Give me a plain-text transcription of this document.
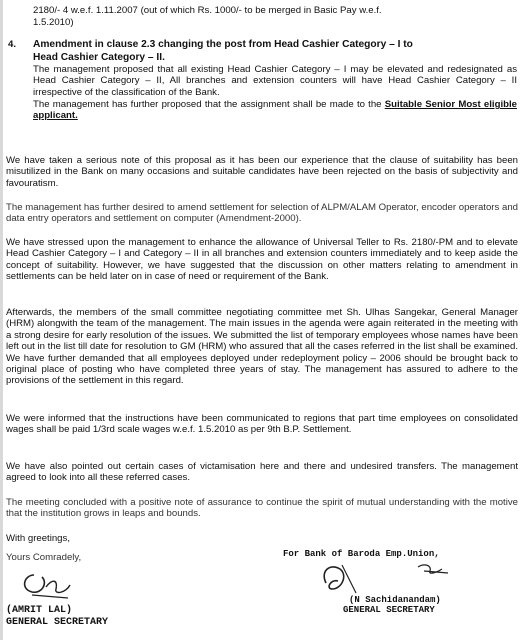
2180/- 4 w.e.f. 1.11.2007 (out of which Rs. 1000/- to be merged in Basic Pay w.e.f.
1.5.2010)
4. Amendment in clause 2.3 changing the post from Head Cashier Category – I to
Head Cashier Category – II.
The management proposed that all existing Head Cashier Category – I may be elevated and redesignated as Head Cashier Category – II, All branches and extension counters will have Head Cashier Category – II irrespective of the classification of the Bank.
The management has further proposed that the assignment shall be made to the Suitable Senior Most eligible applicant.
We have taken a serious note of this proposal as it has been our experience that the clause of suitability has been misutilized in the Bank on many occasions and suitable candidates have been rejected on the basis of subjectivity and favouratism.
The management has further desired to amend settlement for selection of ALPM/ALAM Operator, encoder operators and data entry operators and settlement on computer (Amendment-2000).
We have stressed upon the management to enhance the allowance of Universal Teller to Rs. 2180/-PM and to elevate Head Cashier Category – I and Category – II in all branches and extension counters immediately and to keep aside the concept of suitability. However, we have suggested that the discussion on other matters relating to amendment in settlements can be held later on in case of need or requirement of the Bank.
Afterwards, the members of the small committee negotiating committee met Sh. Ulhas Sangekar, General Manager (HRM) alongwith the team of the management. The main issues in the agenda were again reiterated in the meeting with a strong desire for early resolution of the issues. We submitted the list of temporary employees whose names have been left out in the list till date for resolution to GM (HRM) who assured that all the cases referred in the list shall be examined. We have further demanded that all employees deployed under redeployment policy – 2006 should be brought back to original place of posting who have completed three years of stay. The management has assured to adhere to the provisions of the settlement in this regard.
We were informed that the instructions have been communicated to regions that part time employees on consolidated wages shall be paid 1/3rd scale wages w.e.f. 1.5.2010 as per 9th B.P. Settlement.
We have also pointed out certain cases of victamisation here and there and undesired transfers. The management agreed to look into all these referred cases.
The meeting concluded with a positive note of assurance to continue the spirit of mutual understanding with the motive that the institution grows in leaps and bounds.
With greetings,
Yours Comradely,	For Bank of Baroda Emp.Union,
(N Sachidanandam)
GENERAL SECRETARY
(AMRIT LAL)
GENERAL SECRETARY
